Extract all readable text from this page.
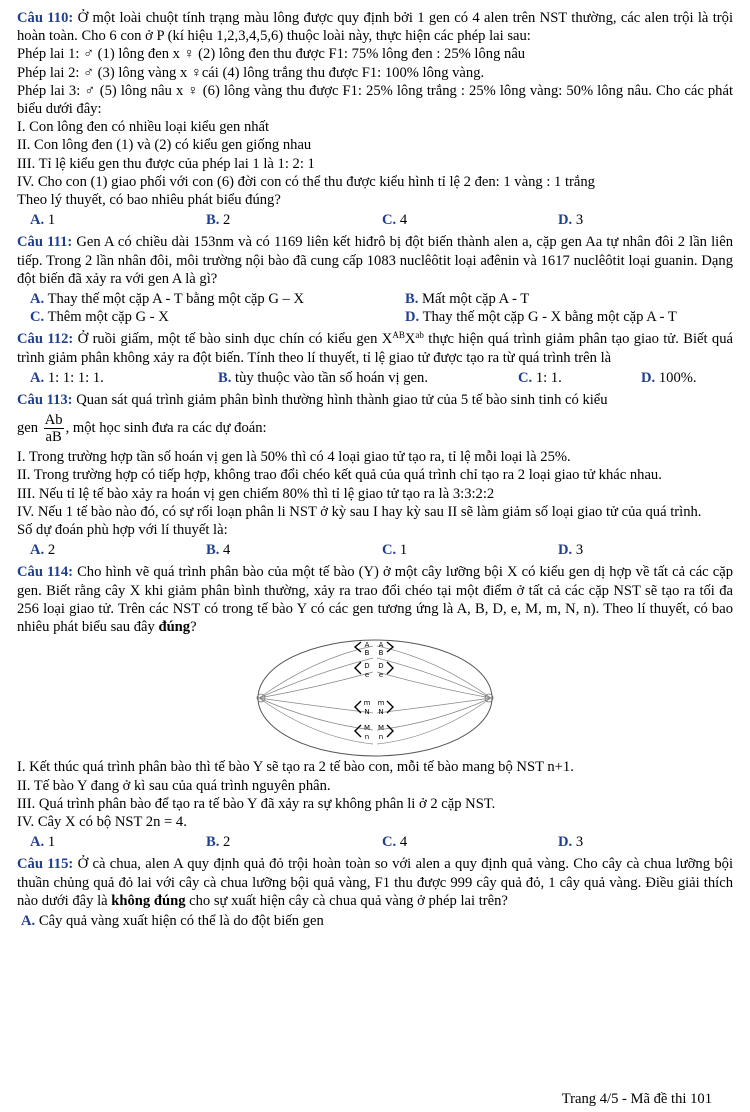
Câu 110: Ở một loài chuột tính trạng màu lông được quy định bởi 1 gen có 4 alen trên NST thường, các alen trội là trội hoàn toàn. Cho 6 con ở P (kí hiệu 1,2,3,4,5,6) thuộc loài này, thực hiện các phép lai sau:

Phép lai 1: ♂ (1) lông đen x ♀ (2) lông đen thu được F1: 75% lông đen : 25% lông nâu

Phép lai 2: ♂ (3) lông vàng x ♀cái (4) lông trắng thu được F1: 100% lông vàng.

Phép lai 3: ♂ (5) lông nâu x ♀ (6) lông vàng thu được F1: 25% lông trắng : 25% lông vàng: 50% lông nâu. Cho các phát biểu dưới đây:

I. Con lông đen có nhiều loại kiểu gen nhất

II. Con lông đen (1) và (2) có kiểu gen giống nhau

III. Tỉ lệ kiểu gen thu được của phép lai 1 là 1: 2: 1

IV. Cho con (1) giao phối với con (6) đời con có thể thu được kiểu hình tỉ lệ 2 đen: 1 vàng : 1 trắng

Theo lý thuyết, có bao nhiêu phát biểu đúng?

A. 1	B. 2	C. 4	D. 3

Câu 111: Gen A có chiều dài 153nm và có 1169 liên kết hiđrô bị đột biến thành alen a, cặp gen Aa tự nhân đôi 2 lần liên tiếp. Trong 2 lần nhân đôi, môi trường nội bào đã cung cấp 1083 nuclêôtit loại ađênin và 1617 nuclêôtit loại guanin. Dạng đột biến đã xảy ra với gen A là gì?

A. Thay thế một cặp A - T bằng một cặp G – X	B. Mất một cặp A - T
C. Thêm một cặp G - X	D. Thay thế một cặp G - X bằng một cặp A - T

Câu 112: Ở ruồi giấm, một tế bào sinh dục chín có kiểu gen $X^{AB}X^{ab}$ thực hiện quá trình giảm phân tạo giao tử. Biết quá trình giảm phân không xảy ra đột biến. Tính theo lí thuyết, tỉ lệ giao tử được tạo ra từ quá trình trên là

A. 1: 1: 1: 1.	B. tùy thuộc vào tần số hoán vị gen.	C. 1: 1.	D. 100%.

Câu 113: Quan sát quá trình giảm phân bình thường hình thành giao tử của 5 tế bào sinh tinh có kiểu

gen $\frac{Ab}{aB}$ , một học sinh đưa ra các dự đoán:

I. Trong trường hợp tần số hoán vị gen là 50% thì có 4 loại giao tử tạo ra, tỉ lệ mỗi loại là 25%.

II. Trong trường hợp có tiếp hợp, không trao đổi chéo kết quả của quá trình chỉ tạo ra 2 loại giao tử khác nhau.

III. Nếu tỉ lệ tế bào xảy ra hoán vị gen chiếm 80% thì tỉ lệ giao tử tạo ra là 3:3:2:2

IV. Nếu 1 tế bào nào đó, có sự rối loạn phân li NST ở kỳ sau I hay kỳ sau II sẽ làm giảm số loại giao tử của quá trình.

Số dự đoán phù hợp với lí thuyết là:

A. 2	B. 4	C. 1	D. 3

Câu 114: Cho hình vẽ quá trình phân bào của một tế bào (Y) ở một cây lưỡng bội X có kiểu gen dị hợp về tất cả các cặp gen. Biết rằng cây X khi giảm phân bình thường, xảy ra trao đổi chéo tại một điểm ở tất cả các cặp NST sẽ tạo ra tối đa 256 loại giao tử. Trên các NST có trong tế bào Y có các gen tương ứng là A, B, D, e, M, m, N, n). Theo lí thuyết, có bao nhiêu phát biểu sau đây đúng?

A A
B B
D D
e e
m m
N N
M M
n n

I. Kết thúc quá trình phân bào thì tế bào Y sẽ tạo ra 2 tế bào con, mỗi tế bào mang bộ NST n+1.

II. Tế bào Y đang ở kì sau của quá trình nguyên phân.

III. Quá trình phân bào để tạo ra tế bào Y đã xảy ra sự không phân li ở 2 cặp NST.

IV. Cây X có bộ NST 2n = 4.

A. 1	B. 2	C. 4	D. 3

Câu 115: Ở cà chua, alen A quy định quả đỏ trội hoàn toàn so với alen a quy định quả vàng. Cho cây cà chua lưỡng bội thuần chủng quả đỏ lai với cây cà chua lưỡng bội quả vàng, F1 thu được 999 cây quả đỏ, 1 cây quả vàng. Điều giải thích nào dưới đây là không đúng cho sự xuất hiện cây cà chua quả vàng ở phép lai trên?

A. Cây quả vàng xuất hiện có thể là do đột biến gen
Trang 4/5 - Mã đề thi 101
